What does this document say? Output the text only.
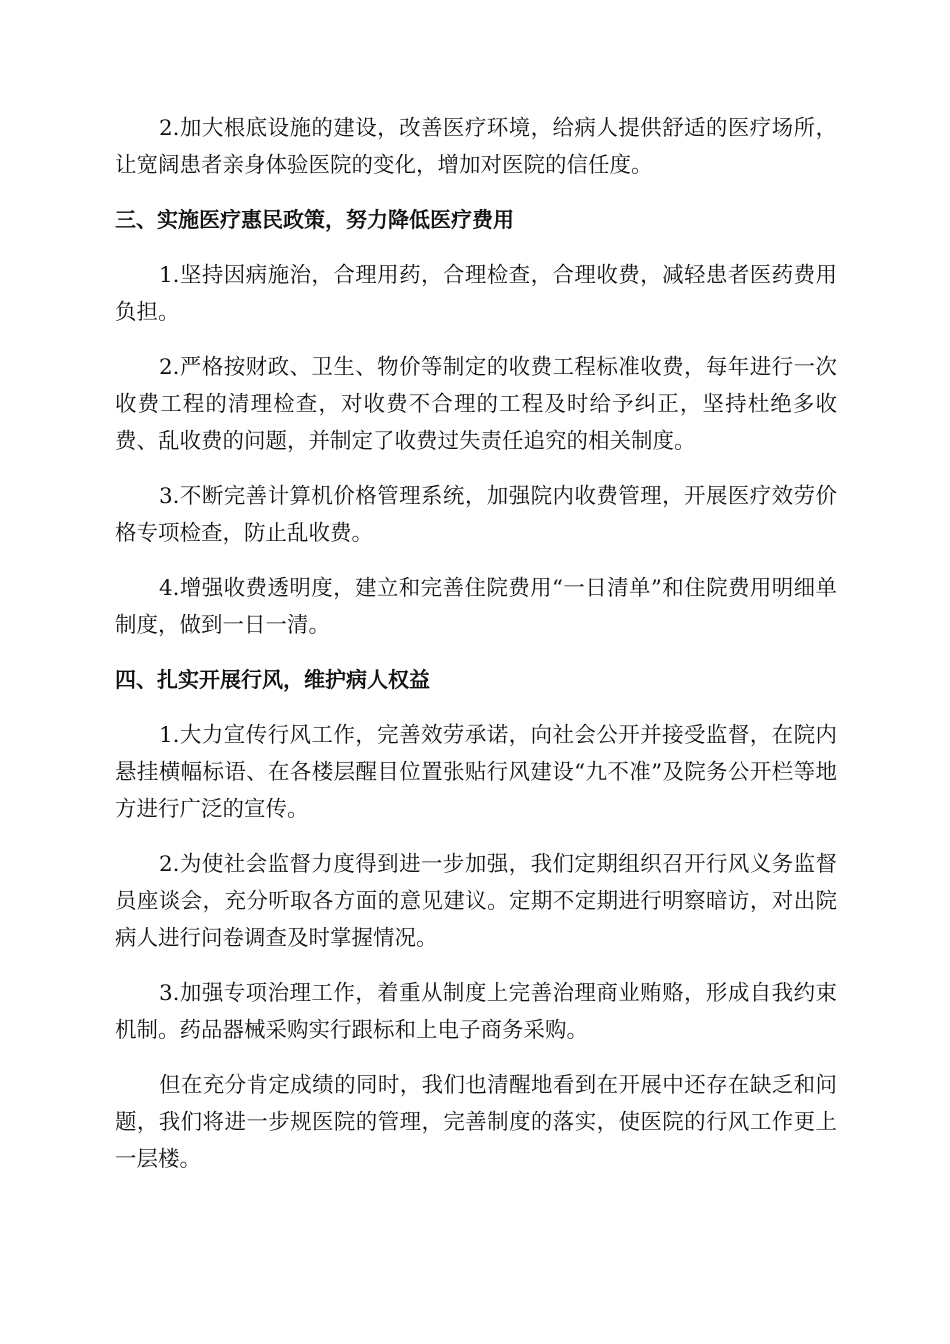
2.加大根底设施的建设，改善医疗环境，给病人提供舒适的医疗场所，让宽阔患者亲身体验医院的变化，增加对医院的信任度。

三、实施医疗惠民政策，努力降低医疗费用

1.坚持因病施治，合理用药，合理检查，合理收费，减轻患者医药费用负担。

2.严格按财政、卫生、物价等制定的收费工程标准收费，每年进行一次收费工程的清理检查，对收费不合理的工程及时给予纠正，坚持杜绝多收费、乱收费的问题，并制定了收费过失责任追究的相关制度。

3.不断完善计算机价格管理系统，加强院内收费管理，开展医疗效劳价格专项检查，防止乱收费。

4.增强收费透明度，建立和完善住院费用“一日清单”和住院费用明细单制度，做到一日一清。

四、扎实开展行风，维护病人权益

1.大力宣传行风工作，完善效劳承诺，向社会公开并接受监督，在院内悬挂横幅标语、在各楼层醒目位置张贴行风建设“九不准”及院务公开栏等地方进行广泛的宣传。

2.为使社会监督力度得到进一步加强，我们定期组织召开行风义务监督员座谈会，充分听取各方面的意见建议。定期不定期进行明察暗访，对出院病人进行问卷调查及时掌握情况。

3.加强专项治理工作，着重从制度上完善治理商业贿赂，形成自我约束机制。药品器械采购实行跟标和上电子商务采购。

但在充分肯定成绩的同时，我们也清醒地看到在开展中还存在缺乏和问题，我们将进一步规医院的管理，完善制度的落实，使医院的行风工作更上一层楼。
